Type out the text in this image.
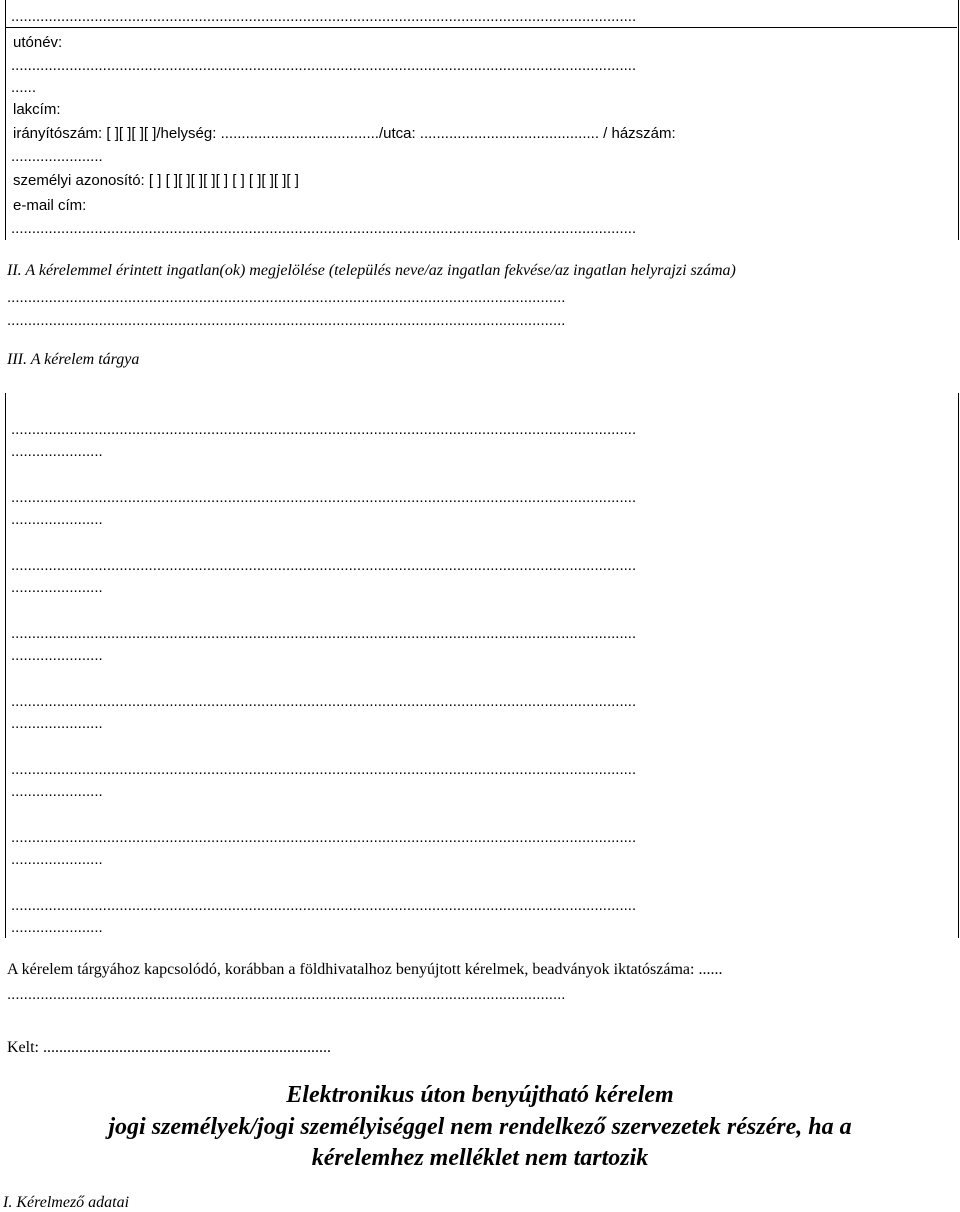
......................................................................................................................................................
utónév:
......................................................................................................................................................
......
lakcím:
irányítószám: [ ][ ][ ][ ]/helység: ....................................../utca: ........................................... / házszám:
......................
személyi azonosító: [ ] [ ][ ][ ][ ][ ] [ ] [ ][ ][ ][ ]
e-mail cím:
......................................................................................................................................................
II. A kérelemmel érintett ingatlan(ok) megjelölése (település neve/az ingatlan fekvése/az ingatlan helyrajzi száma)
......................................................................................................................................
......................................................................................................................................
III. A kérelem tárgya
......................................................................................................................................................
......................
......................................................................................................................................................
......................
......................................................................................................................................................
......................
......................................................................................................................................................
......................
......................................................................................................................................................
......................
......................................................................................................................................................
......................
......................................................................................................................................................
......................
......................................................................................................................................................
......................
A kérelem tárgyához kapcsolódó, korábban a földhivatalhoz benyújtott kérelmek, beadványok iktatószáma: ......
......................................................................................................................................
Kelt: ........................................................................
Elektronikus úton benyújtható kérelem
jogi személyek/jogi személyiséggel nem rendelkező szervezetek részére, ha a
kérelemhez melléklet nem tartozik
I. Kérelmező adatai
